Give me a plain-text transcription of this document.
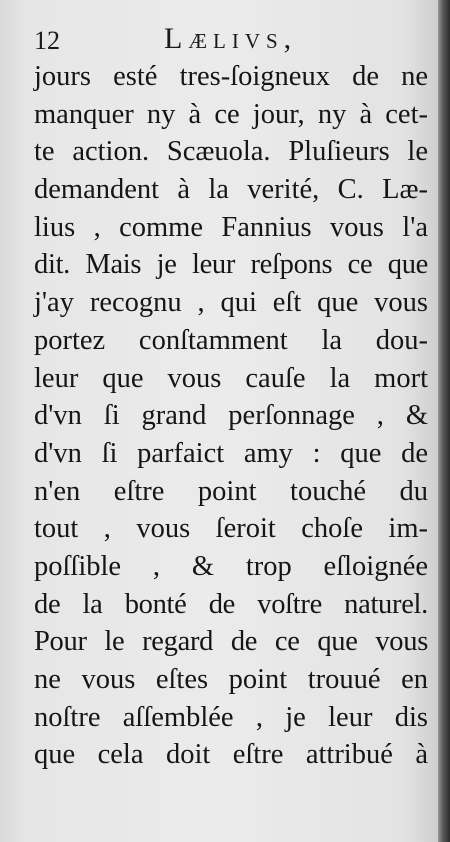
12	Lælivs,
jours esté tres-ſoigneux de ne
manquer ny à ce jour, ny à cet-
te action. Scæuola. Pluſieurs le
demandent à la verité, C. Læ-
lius , comme Fannius vous l'a
dit. Mais je leur reſpons ce que
j'ay recognu , qui eſt que vous
portez conſtamment la dou-
leur que vous cauſe la mort
d'vn ſi grand perſonnage , &
d'vn ſi parfaict amy : que de
n'en eſtre point touché du
tout , vous ſeroit choſe im-
poſſible , & trop eſloignée
de la bonté de voſtre naturel.
Pour le regard de ce que vous
ne vous eſtes point trouué en
noſtre aſſemblée , je leur dis
que cela doit eſtre attribué à
